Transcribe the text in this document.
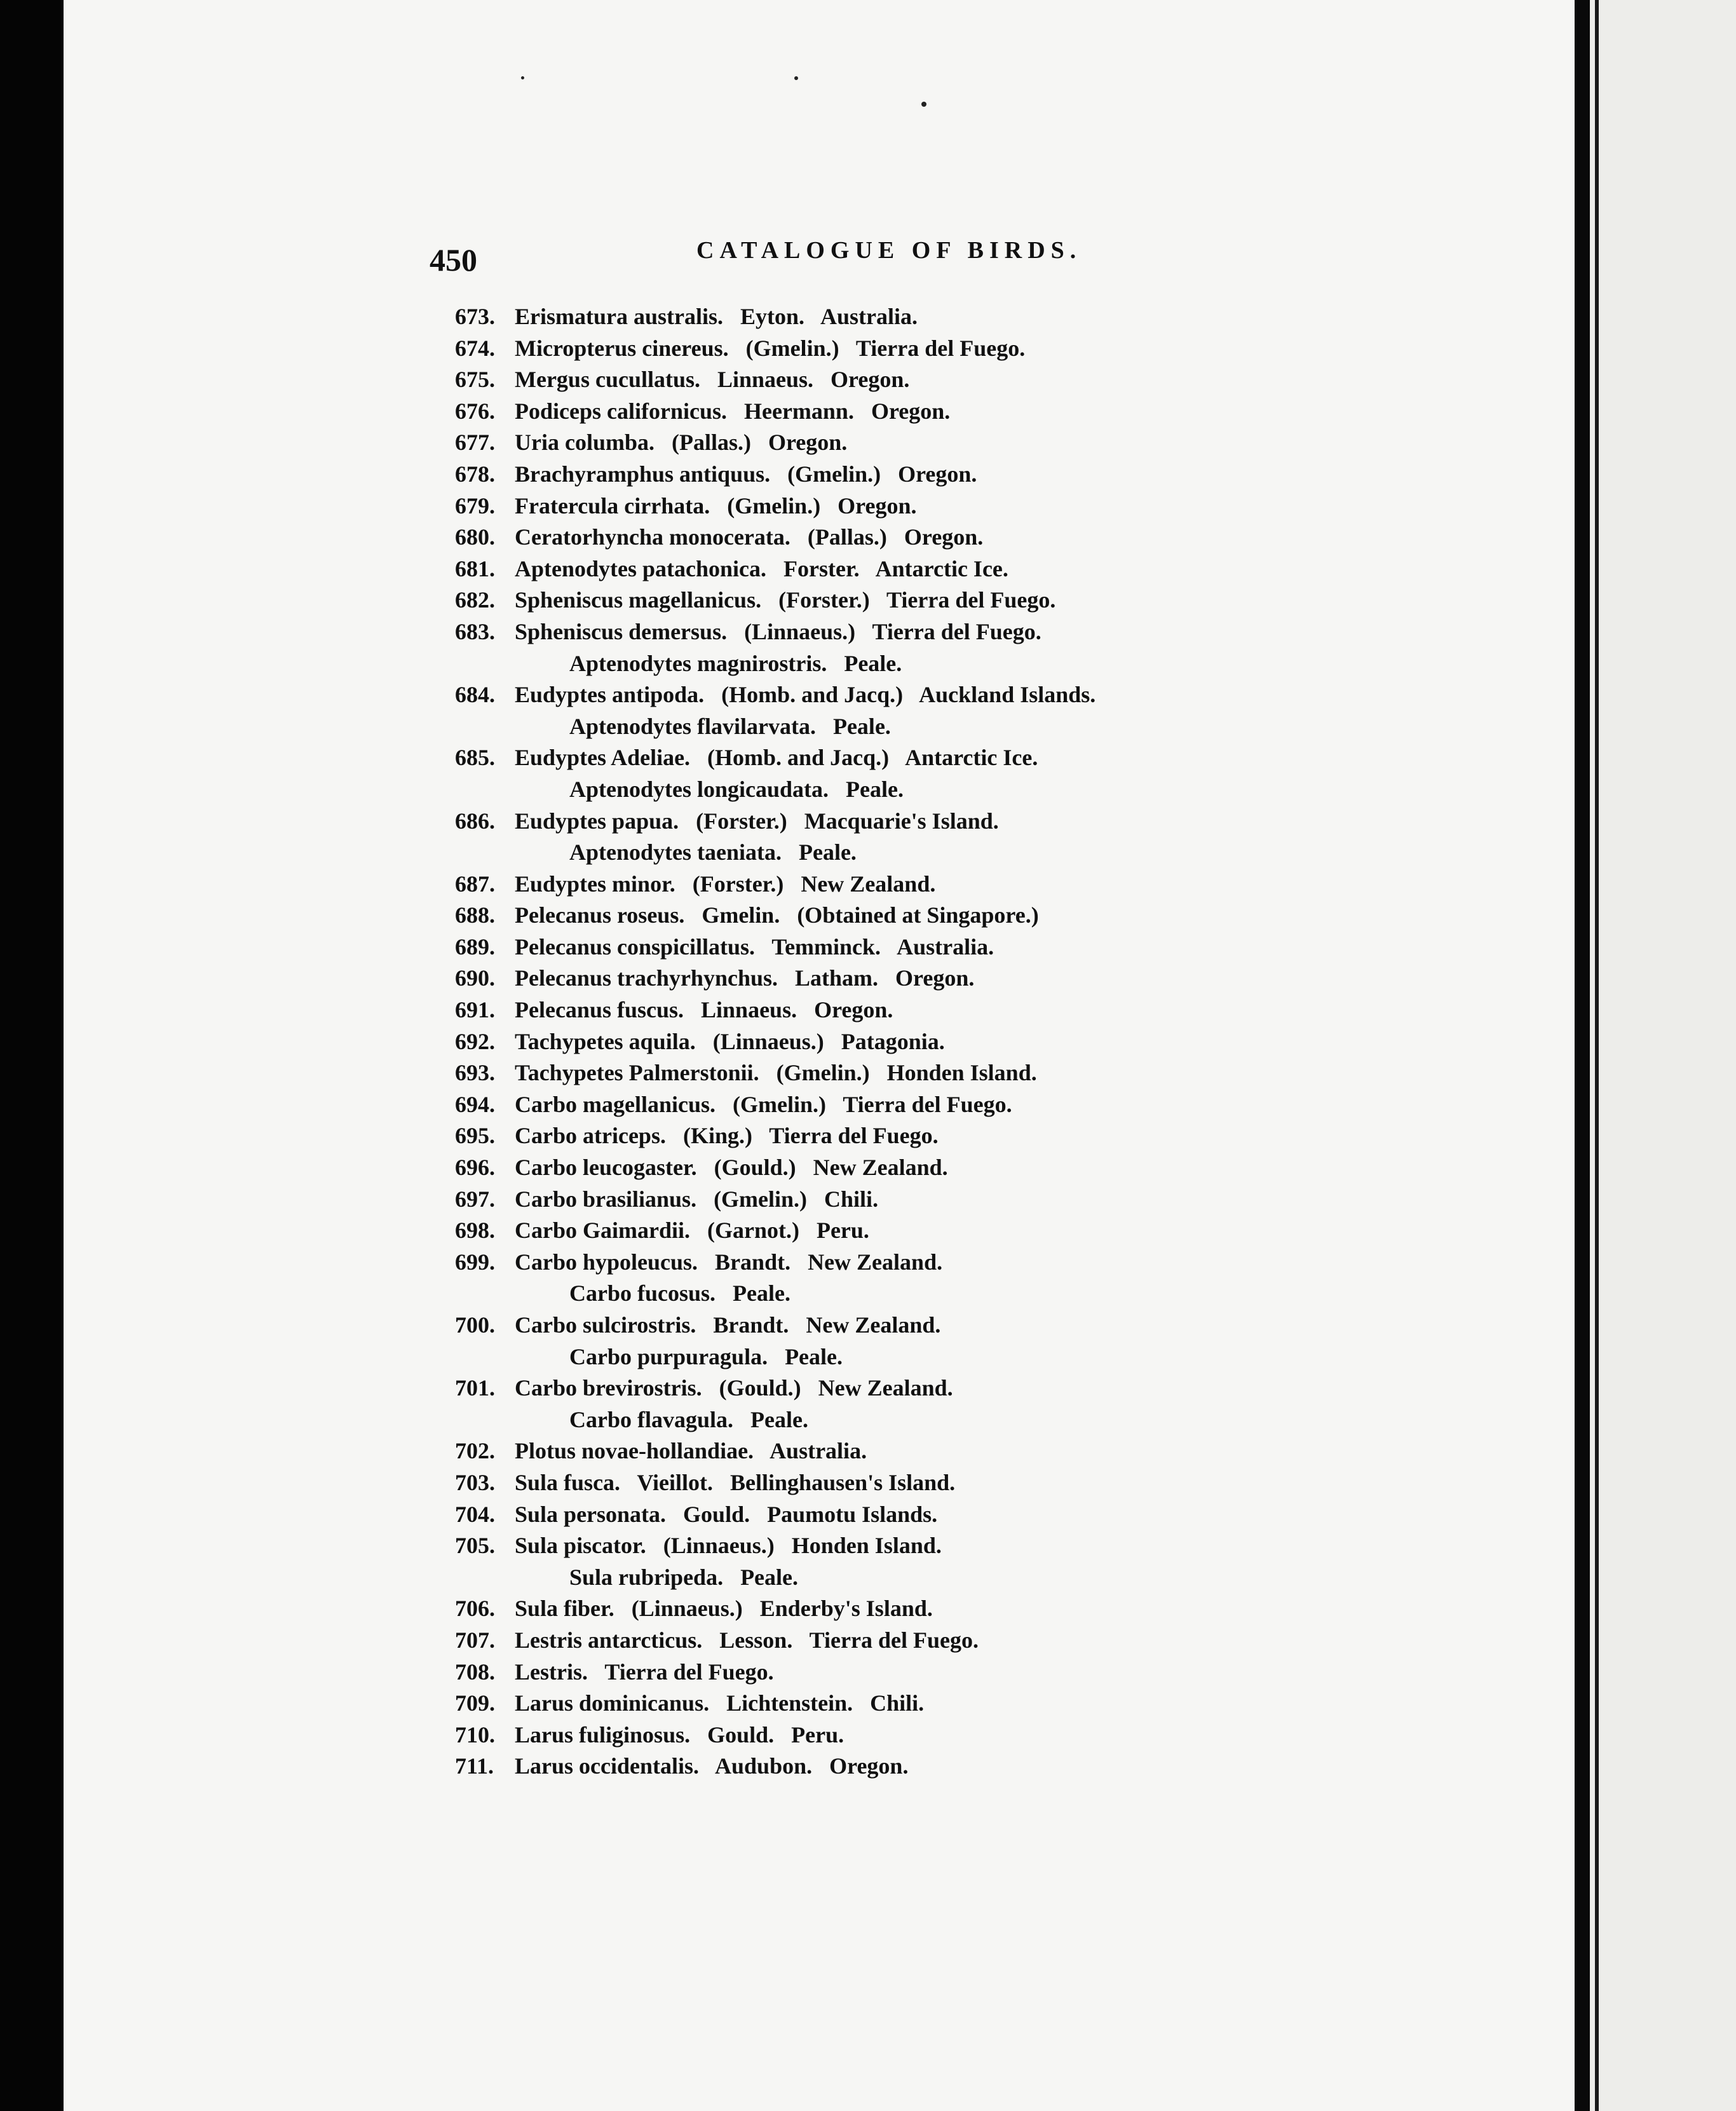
450	CATALOGUE OF BIRDS.
673. Erismatura australis.   Eyton.   Australia.
674. Micropterus cinereus.   (Gmelin.)   Tierra del Fuego.
675. Mergus cucullatus.   Linnaeus.   Oregon.
676. Podiceps californicus.   Heermann.   Oregon.
677. Uria columba.   (Pallas.)   Oregon.
678. Brachyramphus antiquus.   (Gmelin.)   Oregon.
679. Fratercula cirrhata.   (Gmelin.)   Oregon.
680. Ceratorhyncha monocerata.   (Pallas.)   Oregon.
681. Aptenodytes patachonica.   Forster.   Antarctic Ice.
682. Spheniscus magellanicus.   (Forster.)   Tierra del Fuego.
683. Spheniscus demersus.   (Linnaeus.)   Tierra del Fuego.
Aptenodytes magnirostris.   Peale.
684. Eudyptes antipoda.   (Homb. and Jacq.)   Auckland Islands.
Aptenodytes flavilarvata.   Peale.
685. Eudyptes Adeliae.   (Homb. and Jacq.)   Antarctic Ice.
Aptenodytes longicaudata.   Peale.
686. Eudyptes papua.   (Forster.)   Macquarie's Island.
Aptenodytes taeniata.   Peale.
687. Eudyptes minor.   (Forster.)   New Zealand.
688. Pelecanus roseus.   Gmelin.   (Obtained at Singapore.)
689. Pelecanus conspicillatus.   Temminck.   Australia.
690. Pelecanus trachyrhynchus.   Latham.   Oregon.
691. Pelecanus fuscus.   Linnaeus.   Oregon.
692. Tachypetes aquila.   (Linnaeus.)   Patagonia.
693. Tachypetes Palmerstonii.   (Gmelin.)   Honden Island.
694. Carbo magellanicus.   (Gmelin.)   Tierra del Fuego.
695. Carbo atriceps.   (King.)   Tierra del Fuego.
696. Carbo leucogaster.   (Gould.)   New Zealand.
697. Carbo brasilianus.   (Gmelin.)   Chili.
698. Carbo Gaimardii.   (Garnot.)   Peru.
699. Carbo hypoleucus.   Brandt.   New Zealand.
Carbo fucosus.   Peale.
700. Carbo sulcirostris.   Brandt.   New Zealand.
Carbo purpuragula.   Peale.
701. Carbo brevirostris.   (Gould.)   New Zealand.
Carbo flavagula.   Peale.
702. Plotus novae-hollandiae.   Australia.
703. Sula fusca.   Vieillot.   Bellinghausen's Island.
704. Sula personata.   Gould.   Paumotu Islands.
705. Sula piscator.   (Linnaeus.)   Honden Island.
Sula rubripeda.   Peale.
706. Sula fiber.   (Linnaeus.)   Enderby's Island.
707. Lestris antarcticus.   Lesson.   Tierra del Fuego.
708. Lestris.   Tierra del Fuego.
709. Larus dominicanus.   Lichtenstein.   Chili.
710. Larus fuliginosus.   Gould.   Peru.
711. Larus occidentalis.   Audubon.   Oregon.
